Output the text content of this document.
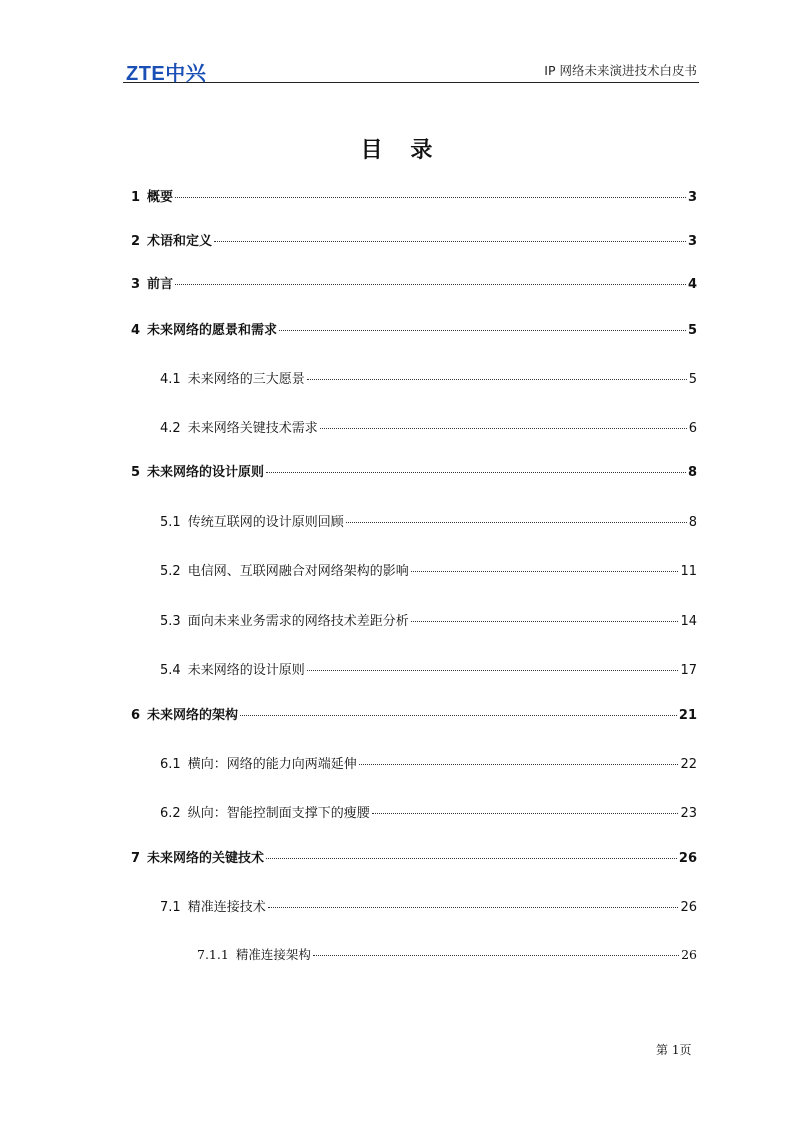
ZTE中兴	IP 网络未来演进技术白皮书
目 录
1 概要	3
2 术语和定义	3
3 前言	4
4 未来网络的愿景和需求	5
4.1 未来网络的三大愿景	5
4.2 未来网络关键技术需求	6
5 未来网络的设计原则	8
5.1 传统互联网的设计原则回顾	8
5.2 电信网、互联网融合对网络架构的影响	11
5.3 面向未来业务需求的网络技术差距分析	14
5.4 未来网络的设计原则	17
6 未来网络的架构	21
6.1 横向：网络的能力向两端延伸	22
6.2 纵向：智能控制面支撑下的瘦腰	23
7 未来网络的关键技术	26
7.1 精准连接技术	26
7.1.1 精准连接架构	26
第 1页
